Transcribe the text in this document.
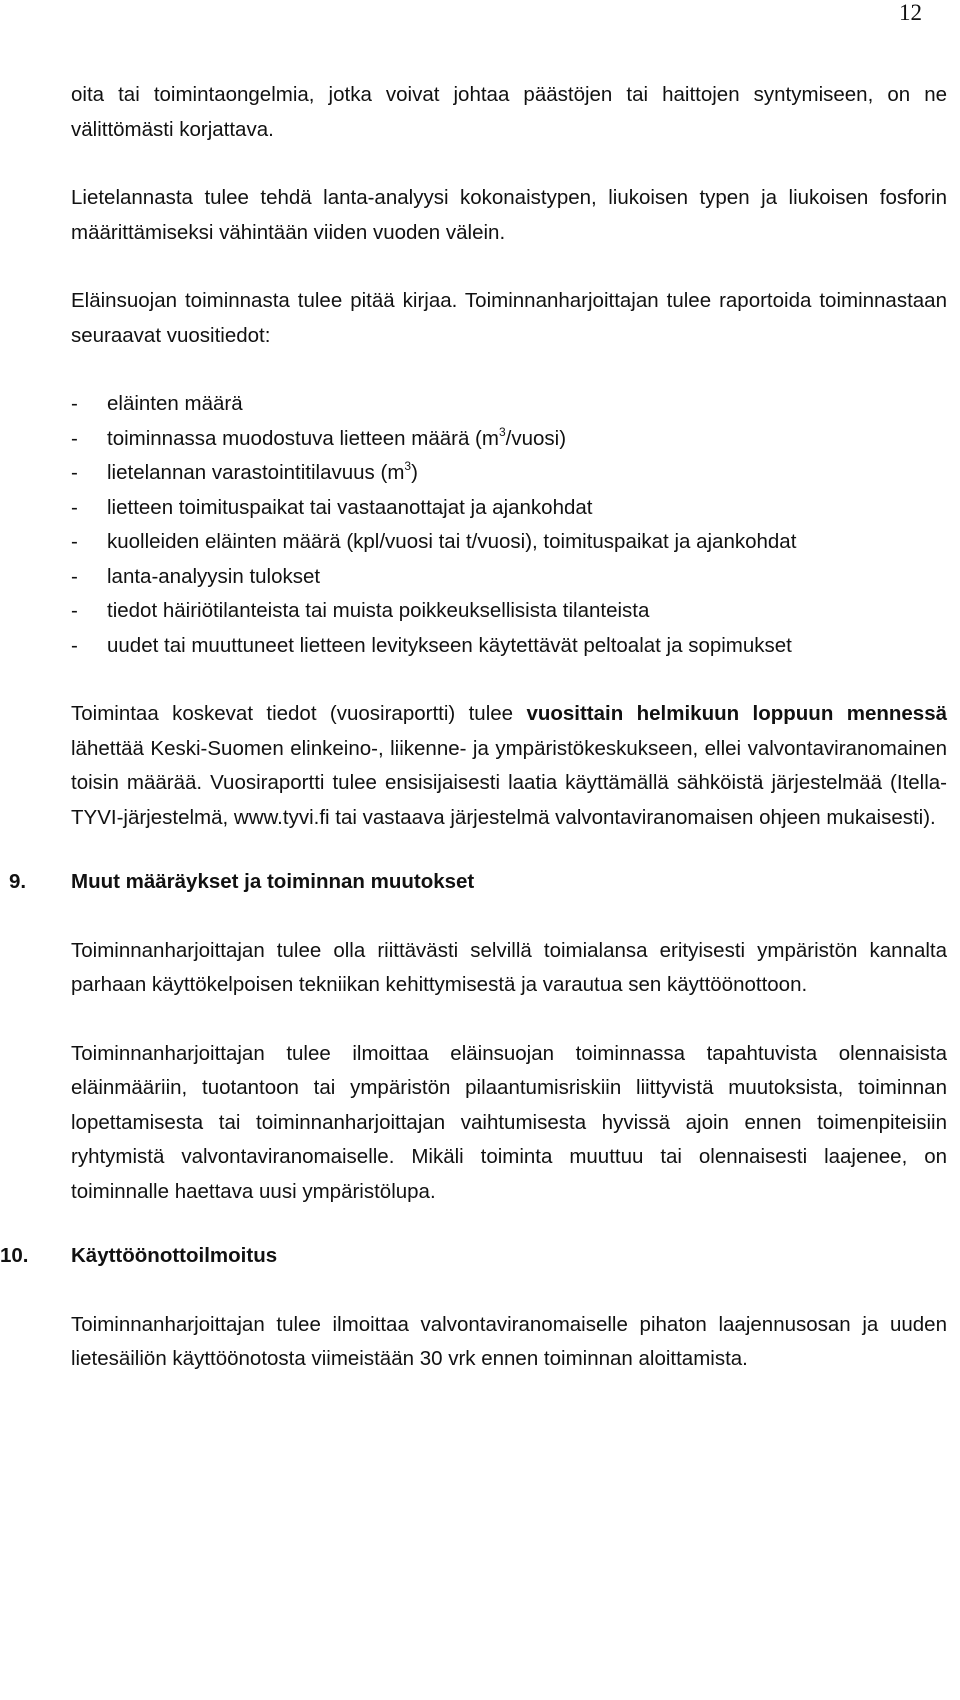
12

oita tai toimintaongelmia, jotka voivat johtaa päästöjen tai haittojen syntymiseen, on ne välittömästi korjattava.

Lietelannasta tulee tehdä lanta-analyysi kokonaistypen, liukoisen typen ja liukoisen fosforin määrittämiseksi vähintään viiden vuoden välein.

Eläinsuojan toiminnasta tulee pitää kirjaa. Toiminnanharjoittajan tulee raportoida toiminnastaan seuraavat vuositiedot:

- eläinten määrä
- toiminnassa muodostuva lietteen määrä $(m^3/vuosi)$
- lietelannan varastointitilavuus $(m^3)$
- lietteen toimituspaikat tai vastaanottajat ja ajankohdat
- kuolleiden eläinten määrä (kpl/vuosi tai t/vuosi), toimituspaikat ja ajankohdat
- lanta-analyysin tulokset
- tiedot häiriötilanteista tai muista poikkeuksellisista tilanteista
- uudet tai muuttuneet lietteen levitykseen käytettävät peltoalat ja sopimukset

Toimintaa koskevat tiedot (vuosiraportti) tulee vuosittain helmikuun loppuun mennessä lähettää Keski-Suomen elinkeino-, liikenne- ja ympäristökeskukseen, ellei valvontaviranomainen toisin määrää. Vuosiraportti tulee ensisijaisesti laatia käyttämällä sähköistä järjestelmää (Itella-TYVI-järjestelmä, www.tyvi.fi tai vastaava järjestelmä valvontaviranomaisen ohjeen mukaisesti).

9.	Muut määräykset ja toiminnan muutokset

Toiminnanharjoittajan tulee olla riittävästi selvillä toimialansa erityisesti ympäristön kannalta parhaan käyttökelpoisen tekniikan kehittymisestä ja varautua sen käyttöönottoon.

Toiminnanharjoittajan tulee ilmoittaa eläinsuojan toiminnassa tapahtuvista olennaisista eläinmääriin, tuotantoon tai ympäristön pilaantumisriskiin liittyvistä muutoksista, toiminnan lopettamisesta tai toiminnanharjoittajan vaihtumisesta hyvissä ajoin ennen toimenpiteisiin ryhtymistä valvontaviranomaiselle. Mikäli toiminta muuttuu tai olennaisesti laajenee, on toiminnalle haettava uusi ympäristölupa.

10.	Käyttöönottoilmoitus

Toiminnanharjoittajan tulee ilmoittaa valvontaviranomaiselle pihaton laajennusosan ja uuden lietesäiliön käyttöönotosta viimeistään 30 vrk ennen toiminnan aloittamista.
